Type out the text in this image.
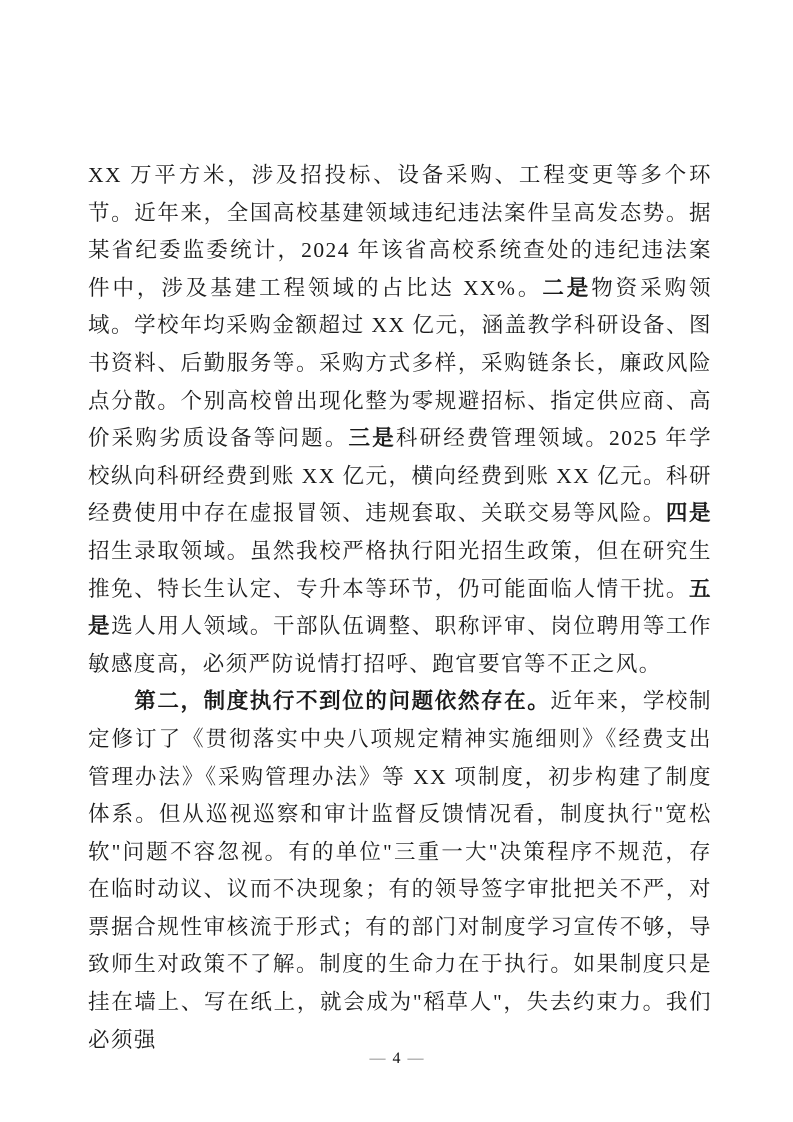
XX 万平方米，涉及招投标、设备采购、工程变更等多个环节。近年来，全国高校基建领域违纪违法案件呈高发态势。据某省纪委监委统计，2024 年该省高校系统查处的违纪违法案件中，涉及基建工程领域的占比达 XX%。二是物资采购领域。学校年均采购金额超过 XX 亿元，涵盖教学科研设备、图书资料、后勤服务等。采购方式多样，采购链条长，廉政风险点分散。个别高校曾出现化整为零规避招标、指定供应商、高价采购劣质设备等问题。三是科研经费管理领域。2025 年学校纵向科研经费到账 XX 亿元，横向经费到账 XX 亿元。科研经费使用中存在虚报冒领、违规套取、关联交易等风险。四是招生录取领域。虽然我校严格执行阳光招生政策，但在研究生推免、特长生认定、专升本等环节，仍可能面临人情干扰。五是选人用人领域。干部队伍调整、职称评审、岗位聘用等工作敏感度高，必须严防说情打招呼、跑官要官等不正之风。

第二，制度执行不到位的问题依然存在。近年来，学校制定修订了《贯彻落实中央八项规定精神实施细则》《经费支出管理办法》《采购管理办法》等 XX 项制度，初步构建了制度体系。但从巡视巡察和审计监督反馈情况看，制度执行"宽松软"问题不容忽视。有的单位"三重一大"决策程序不规范，存在临时动议、议而不决现象；有的领导签字审批把关不严，对票据合规性审核流于形式；有的部门对制度学习宣传不够，导致师生对政策不了解。制度的生命力在于执行。如果制度只是挂在墙上、写在纸上，就会成为"稻草人"，失去约束力。我们必须强

— 4 —
